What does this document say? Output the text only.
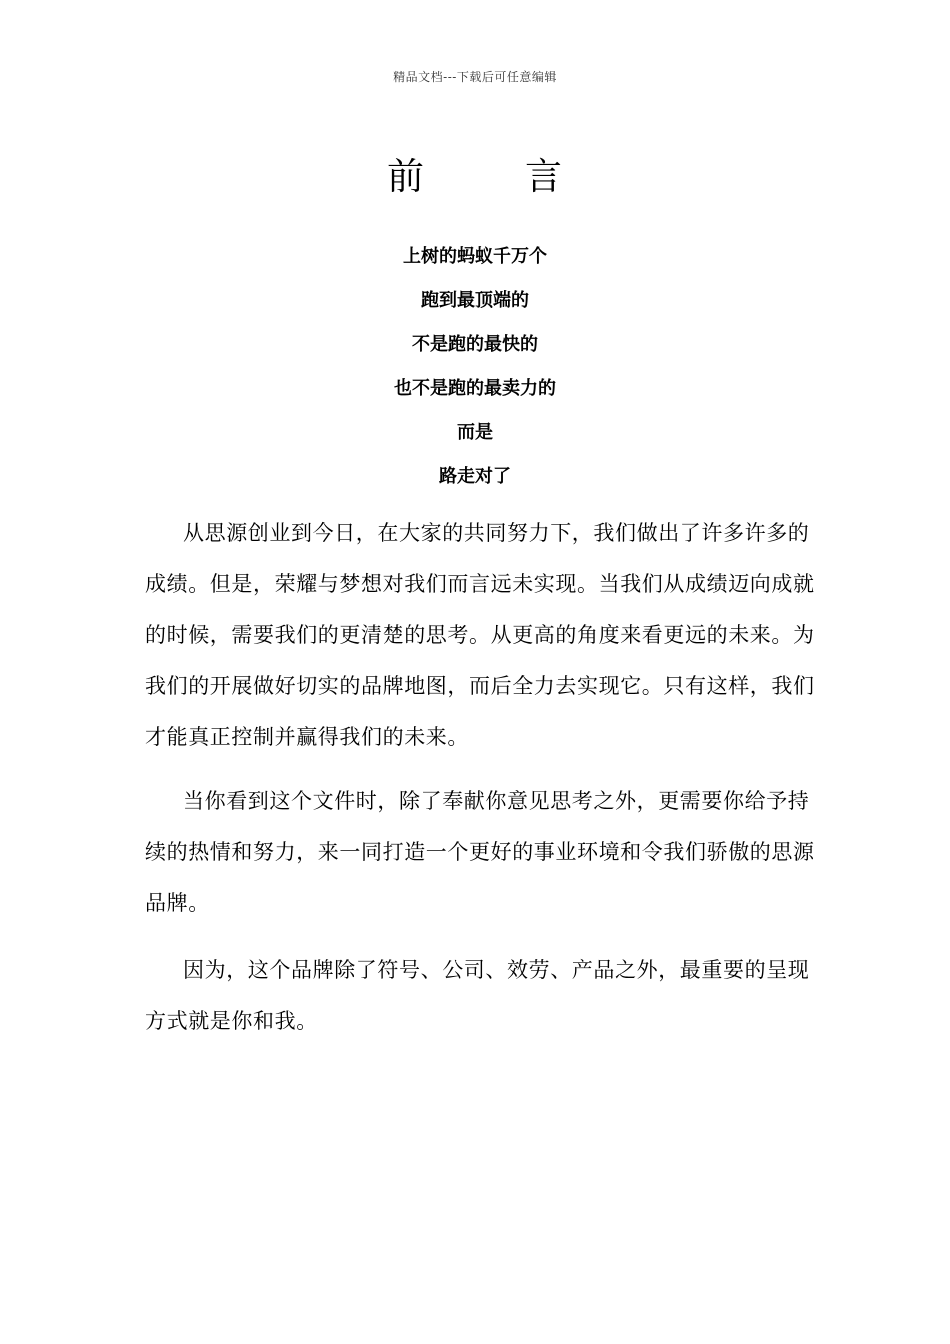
精品文档---下载后可任意编辑
前	言
上树的蚂蚁千万个
跑到最顶端的
不是跑的最快的
也不是跑的最卖力的
而是
路走对了

从思源创业到今日，在大家的共同努力下，我们做出了许多许多的成绩。但是，荣耀与梦想对我们而言远未实现。当我们从成绩迈向成就的时候，需要我们的更清楚的思考。从更高的角度来看更远的未来。为我们的开展做好切实的品牌地图，而后全力去实现它。只有这样，我们才能真正控制并赢得我们的未来。

当你看到这个文件时，除了奉献你意见思考之外，更需要你给予持续的热情和努力，来一同打造一个更好的事业环境和令我们骄傲的思源品牌。

因为，这个品牌除了符号、公司、效劳、产品之外，最重要的呈现方式就是你和我。
